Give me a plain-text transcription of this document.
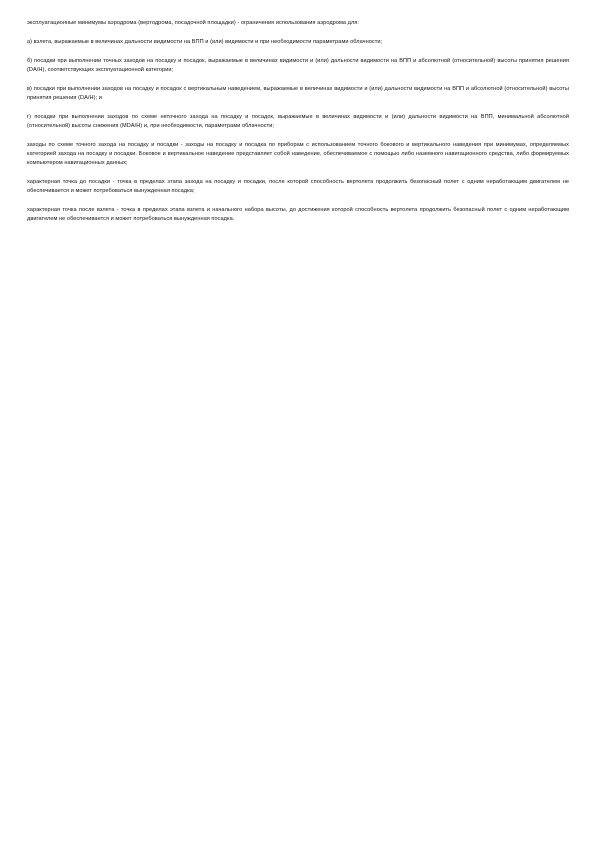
эксплуатационные минимумы аэродрома (вертодрома, посадочной площадки) - ограничения использования аэродрома для:

а) взлета, выражаемые в величинах дальности видимости на ВПП и (или) видимости и при необходимости параметрами облачности;

б) посадки при выполнении точных заходов на посадку и посадок, выражаемые в величинах видимости и (или) дальности видимости на ВПП и абсолютной (относительной) высоты принятия решения (DA/H), соответствующих эксплуатационной категории;

в) посадки при выполнении заходов на посадку и посадок с вертикальным наведением, выражаемые в величинах видимости и (или) дальности видимости на ВПП и абсолютной (относительной) высоты принятия решения (DA/H); и

г) посадки при выполнении заходов по схеме неточного захода на посадку и посадок, выражаемые в величинах видимости и (или) дальности видимости на ВПП, минимальной абсолютной (относительной) высоты снижения (MDA/H) и, при необходимости, параметрами облачности;

заходы по схеме точного захода на посадку и посадки - заходы на посадку и посадка по приборам с использованием точного бокового и вертикального наведения при минимумах, определяемых категорией захода на посадку и посадки. Боковое и вертикальное наведение представляет собой наведение, обеспечиваемое с помощью либо наземного навигационного средства, либо формируемых компьютером навигационных данных;

характерная точка до посадки - точка в пределах этапа захода на посадку и посадки, после которой способность вертолета продолжить безопасный полет с одним неработающим двигателем не обеспечивается и может потребоваться вынужденная посадка;

характерная точка после взлета - точка в пределах этапа взлета и начального набора высоты, до достижения которой способность вертолета продолжить безопасный полет с одним неработающим двигателем не обеспечивается и может потребоваться вынужденная посадка.
